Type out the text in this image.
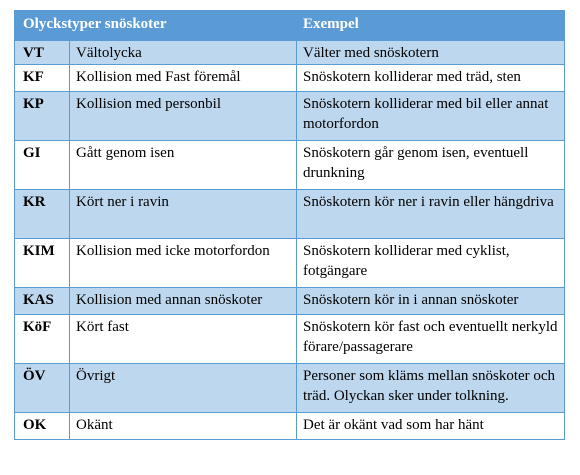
Olyckstyper snöskoter		Exempel
VT	Vältolycka	Välter med snöskotern
KF	Kollision med Fast föremål	Snöskotern kolliderar med träd, sten
KP	Kollision med personbil	Snöskotern kolliderar med bil eller annat motorfordon
GI	Gått genom isen	Snöskotern går genom isen, eventuell drunkning
KR	Kört ner i ravin	Snöskotern kör ner i ravin eller hängdriva
KIM	Kollision med icke motorfordon	Snöskotern kolliderar med cyklist, fotgängare
KAS	Kollision med annan snöskoter	Snöskotern kör in i annan snöskoter
KöF	Kört fast	Snöskotern kör fast och eventuellt nerkyld förare/passagerare
ÖV	Övrigt	Personer som kläms mellan snöskoter och träd. Olyckan sker under tolkning.
OK	Okänt	Det är okänt vad som har hänt
